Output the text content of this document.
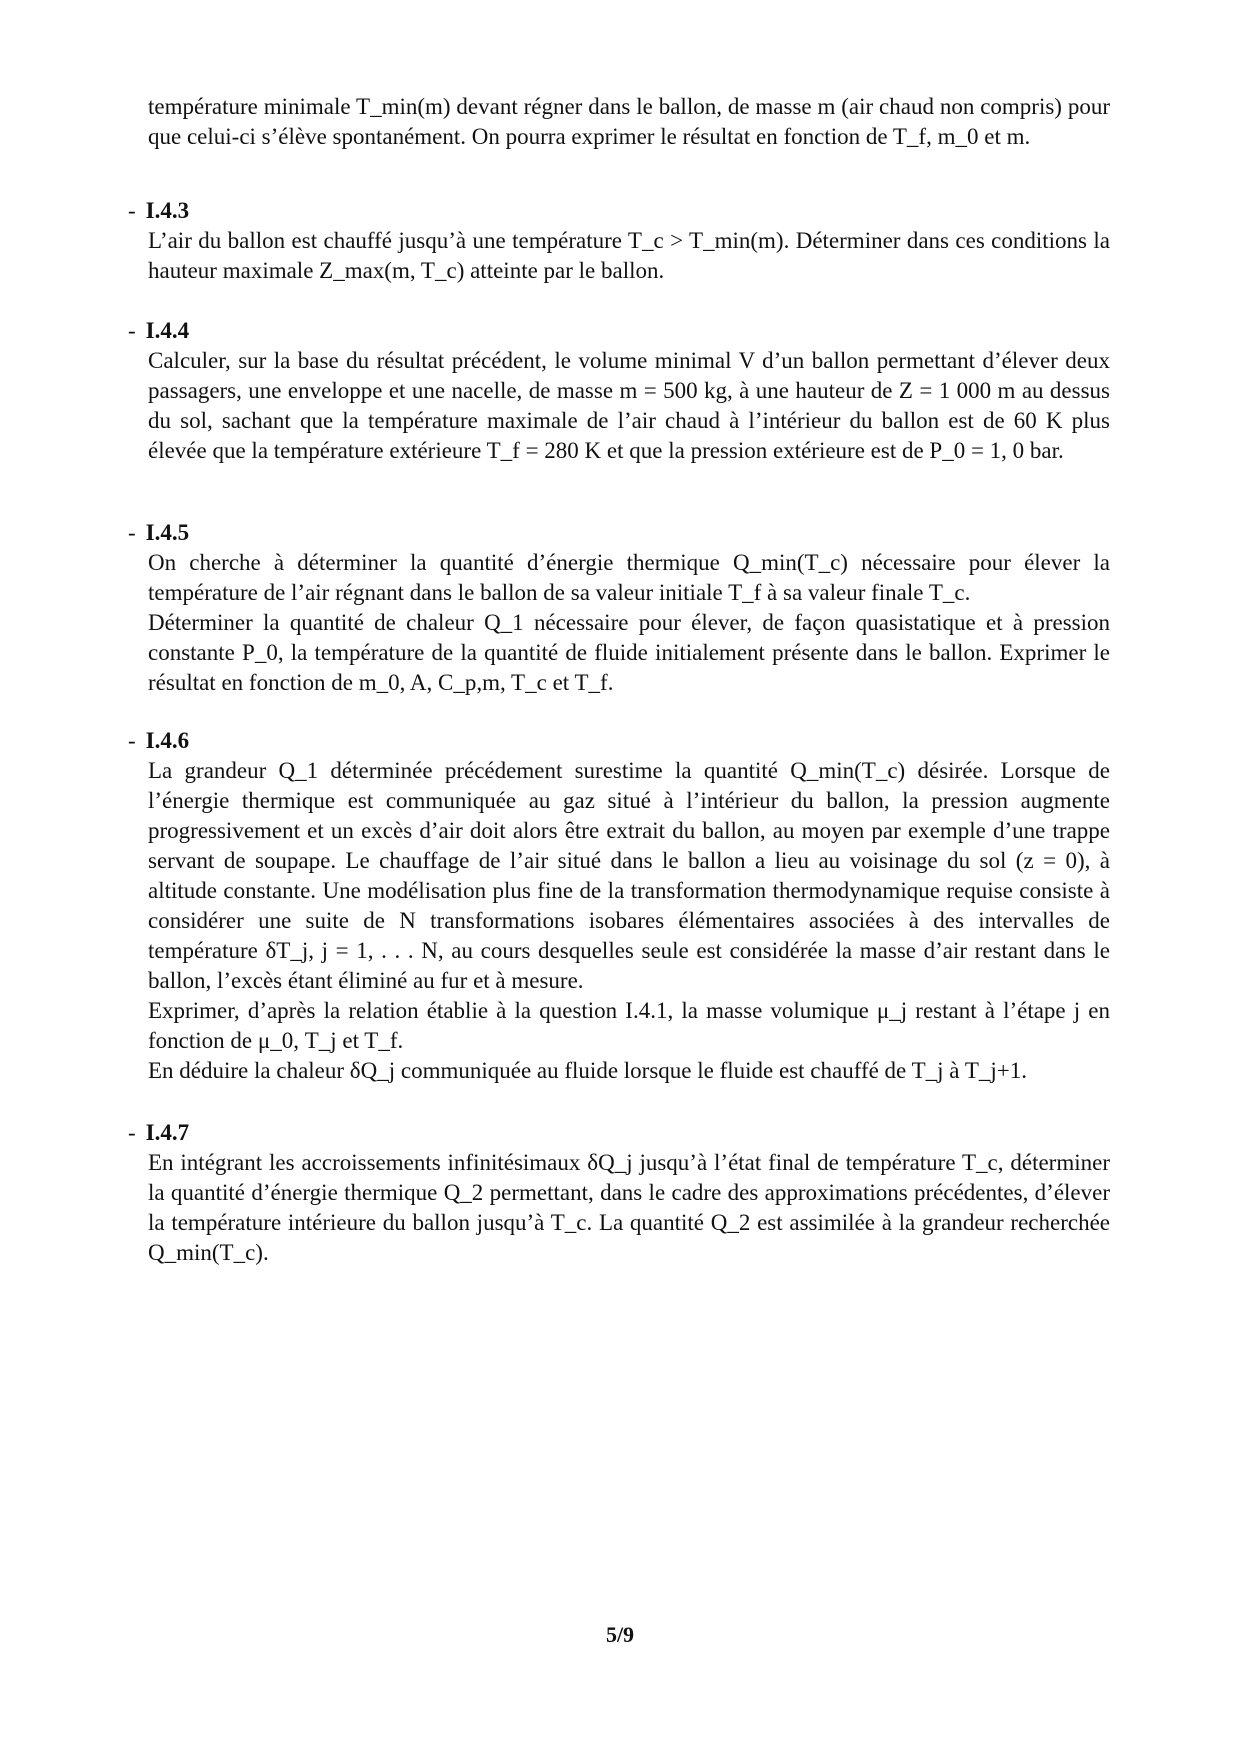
température minimale T_min(m) devant régner dans le ballon, de masse m (air chaud non compris) pour que celui-ci s’élève spontanément. On pourra exprimer le résultat en fonction de T_f, m_0 et m.

- I.4.3

L’air du ballon est chauffé jusqu’à une température T_c > T_min(m). Déterminer dans ces conditions la hauteur maximale Z_max(m, T_c) atteinte par le ballon.

- I.4.4

Calculer, sur la base du résultat précédent, le volume minimal V d’un ballon permettant d’élever deux passagers, une enveloppe et une nacelle, de masse m = 500 kg, à une hauteur de Z = 1 000 m au dessus du sol, sachant que la température maximale de l’air chaud à l’intérieur du ballon est de 60 K plus élevée que la température extérieure T_f = 280 K et que la pression extérieure est de P_0 = 1, 0 bar.

- I.4.5

On cherche à déterminer la quantité d’énergie thermique Q_min(T_c) nécessaire pour élever la température de l’air régnant dans le ballon de sa valeur initiale T_f à sa valeur finale T_c.

Déterminer la quantité de chaleur Q_1 nécessaire pour élever, de façon quasistatique et à pression constante P_0, la température de la quantité de fluide initialement présente dans le ballon. Exprimer le résultat en fonction de m_0, A, C_p,m, T_c et T_f.

- I.4.6

La grandeur Q_1 déterminée précédement surestime la quantité Q_min(T_c) désirée. Lorsque de l’énergie thermique est communiquée au gaz situé à l’intérieur du ballon, la pression augmente progressivement et un excès d’air doit alors être extrait du ballon, au moyen par exemple d’une trappe servant de soupape. Le chauffage de l’air situé dans le ballon a lieu au voisinage du sol (z = 0), à altitude constante. Une modélisation plus fine de la transformation thermodynamique requise consiste à considérer une suite de N transformations isobares élémentaires associées à des intervalles de température δT_j, j = 1, . . . N, au cours desquelles seule est considérée la masse d’air restant dans le ballon, l’excès étant éliminé au fur et à mesure.

Exprimer, d’après la relation établie à la question I.4.1, la masse volumique μ_j restant à l’étape j en fonction de μ_0, T_j et T_f.

En déduire la chaleur δQ_j communiquée au fluide lorsque le fluide est chauffé de T_j à T_j+1.

- I.4.7

En intégrant les accroissements infinitésimaux δQ_j jusqu’à l’état final de température T_c, déterminer la quantité d’énergie thermique Q_2 permettant, dans le cadre des approximations précédentes, d’élever la température intérieure du ballon jusqu’à T_c. La quantité Q_2 est assimilée à la grandeur recherchée Q_min(T_c).

5/9
